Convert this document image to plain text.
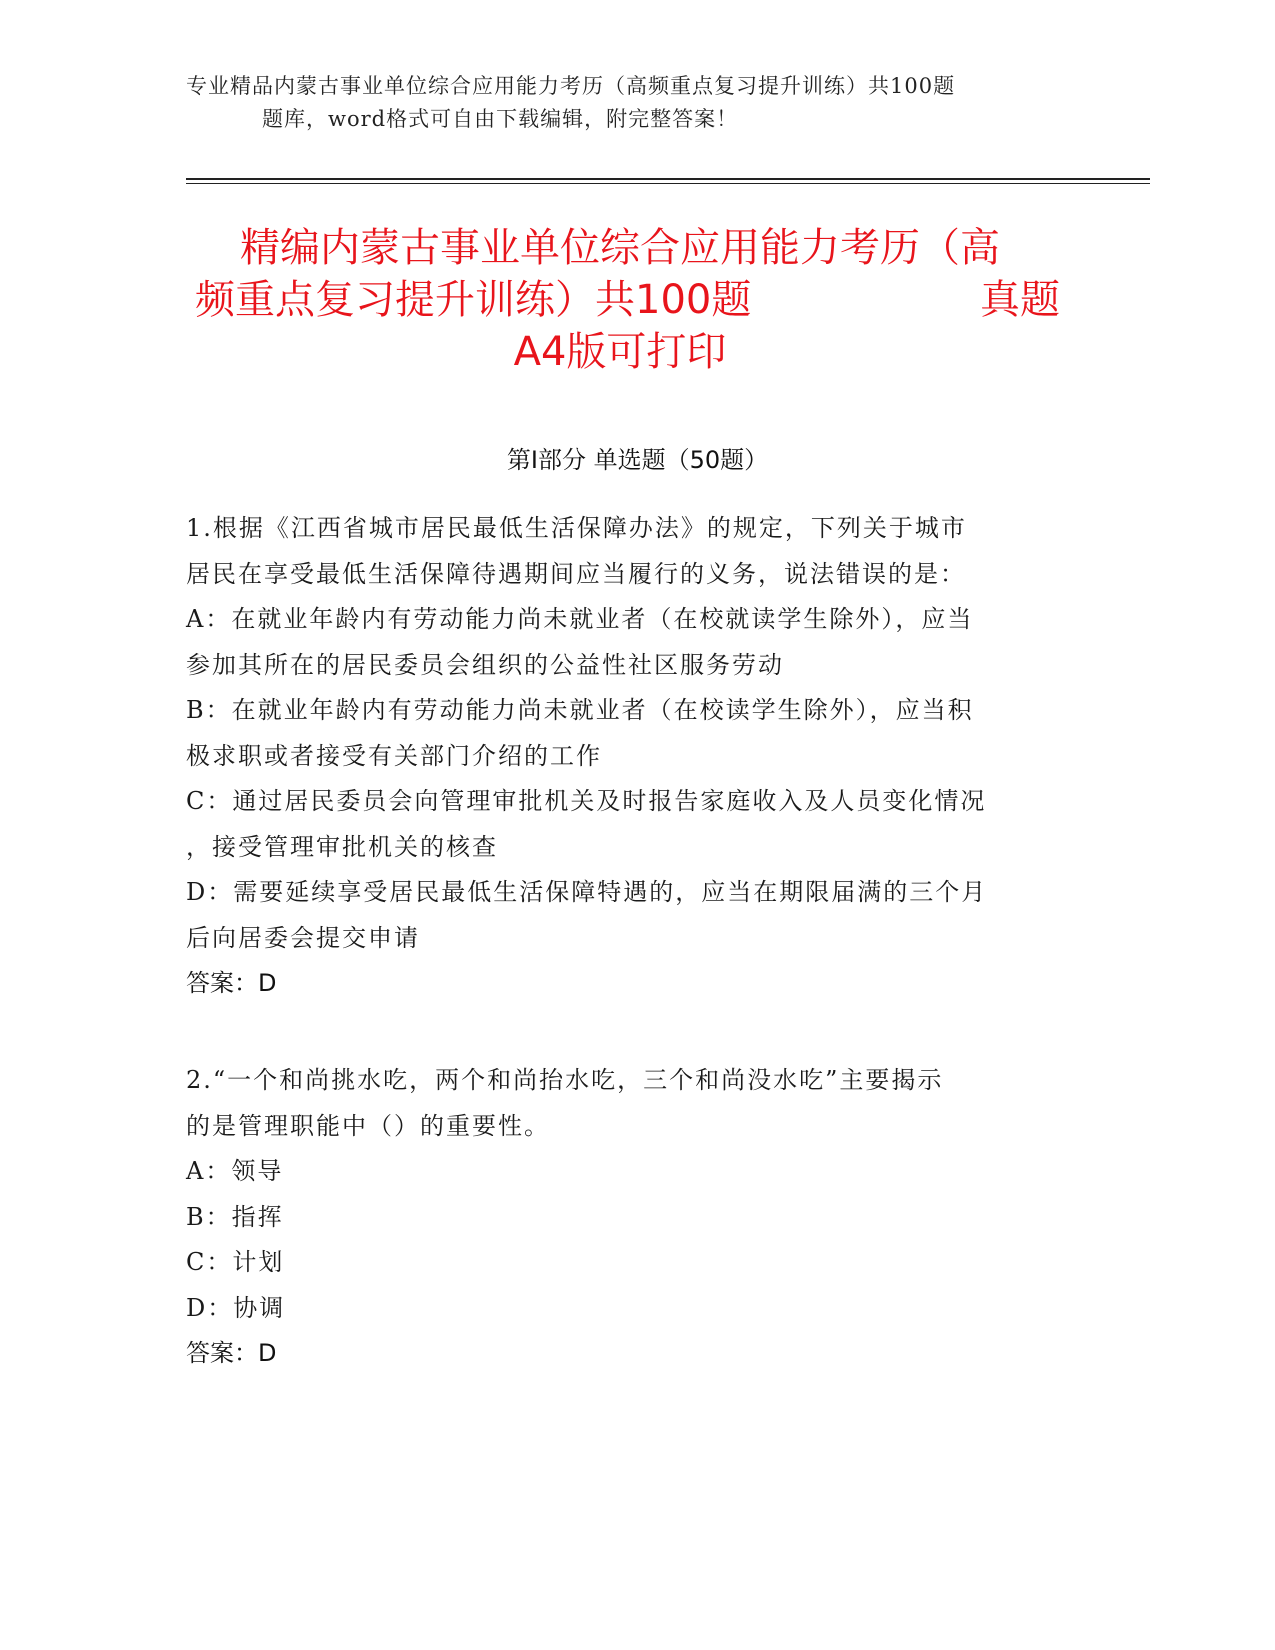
专业精品内蒙古事业单位综合应用能力考历（高频重点复习提升训练）共100题
题库，word格式可自由下载编辑，附完整答案！
精编内蒙古事业单位综合应用能力考历（高
频重点复习提升训练）共100题	真题
A4版可打印
第Ⅰ部分 单选题（50题）

1.根据《江西省城市居民最低生活保障办法》的规定，下列关于城市

居民在享受最低生活保障待遇期间应当履行的义务，说法错误的是：

A：在就业年龄内有劳动能力尚未就业者（在校就读学生除外），应当

参加其所在的居民委员会组织的公益性社区服务劳动

B：在就业年龄内有劳动能力尚未就业者（在校读学生除外），应当积

极求职或者接受有关部门介绍的工作

C：通过居民委员会向管理审批机关及时报告家庭收入及人员变化情况

，接受管理审批机关的核查

D：需要延续享受居民最低生活保障特遇的，应当在期限届满的三个月

后向居委会提交申请

答案：D

2.“一个和尚挑水吃，两个和尚抬水吃，三个和尚没水吃”主要揭示

的是管理职能中（）的重要性。

A：领导

B：指挥

C：计划

D：协调

答案：D
